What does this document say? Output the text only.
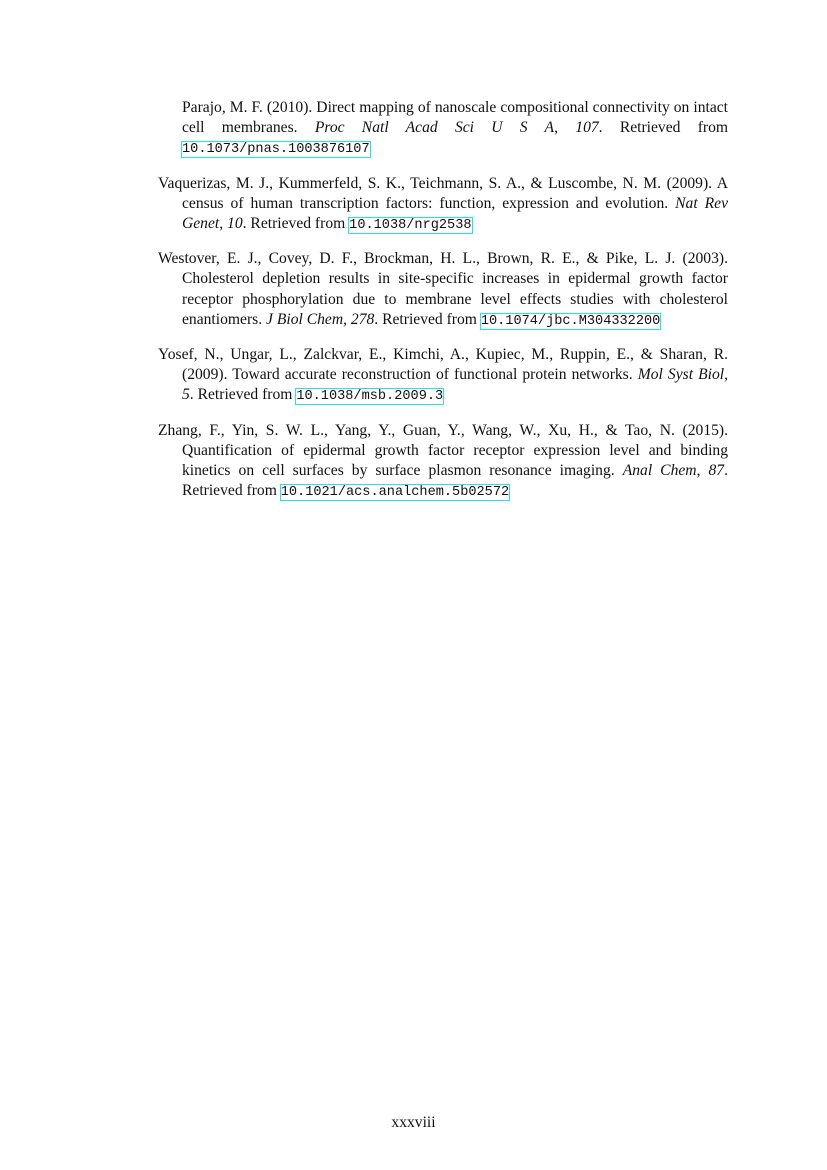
Parajo, M. F. (2010). Direct mapping of nanoscale compositional connectivity on intact cell membranes. Proc Natl Acad Sci U S A, 107. Retrieved from 10.1073/pnas.1003876107

Vaquerizas, M. J., Kummerfeld, S. K., Teichmann, S. A., & Luscombe, N. M. (2009). A census of human transcription factors: function, expression and evolution. Nat Rev Genet, 10. Retrieved from 10.1038/nrg2538

Westover, E. J., Covey, D. F., Brockman, H. L., Brown, R. E., & Pike, L. J. (2003). Cholesterol depletion results in site-specific increases in epidermal growth factor receptor phosphorylation due to membrane level effects studies with cholesterol enantiomers. J Biol Chem, 278. Retrieved from 10.1074/jbc.M304332200

Yosef, N., Ungar, L., Zalckvar, E., Kimchi, A., Kupiec, M., Ruppin, E., & Sharan, R. (2009). Toward accurate reconstruction of functional protein networks. Mol Syst Biol, 5. Retrieved from 10.1038/msb.2009.3

Zhang, F., Yin, S. W. L., Yang, Y., Guan, Y., Wang, W., Xu, H., & Tao, N. (2015). Quantification of epidermal growth factor receptor expression level and binding kinetics on cell surfaces by surface plasmon resonance imaging. Anal Chem, 87. Retrieved from 10.1021/acs.analchem.5b02572

xxxviii
